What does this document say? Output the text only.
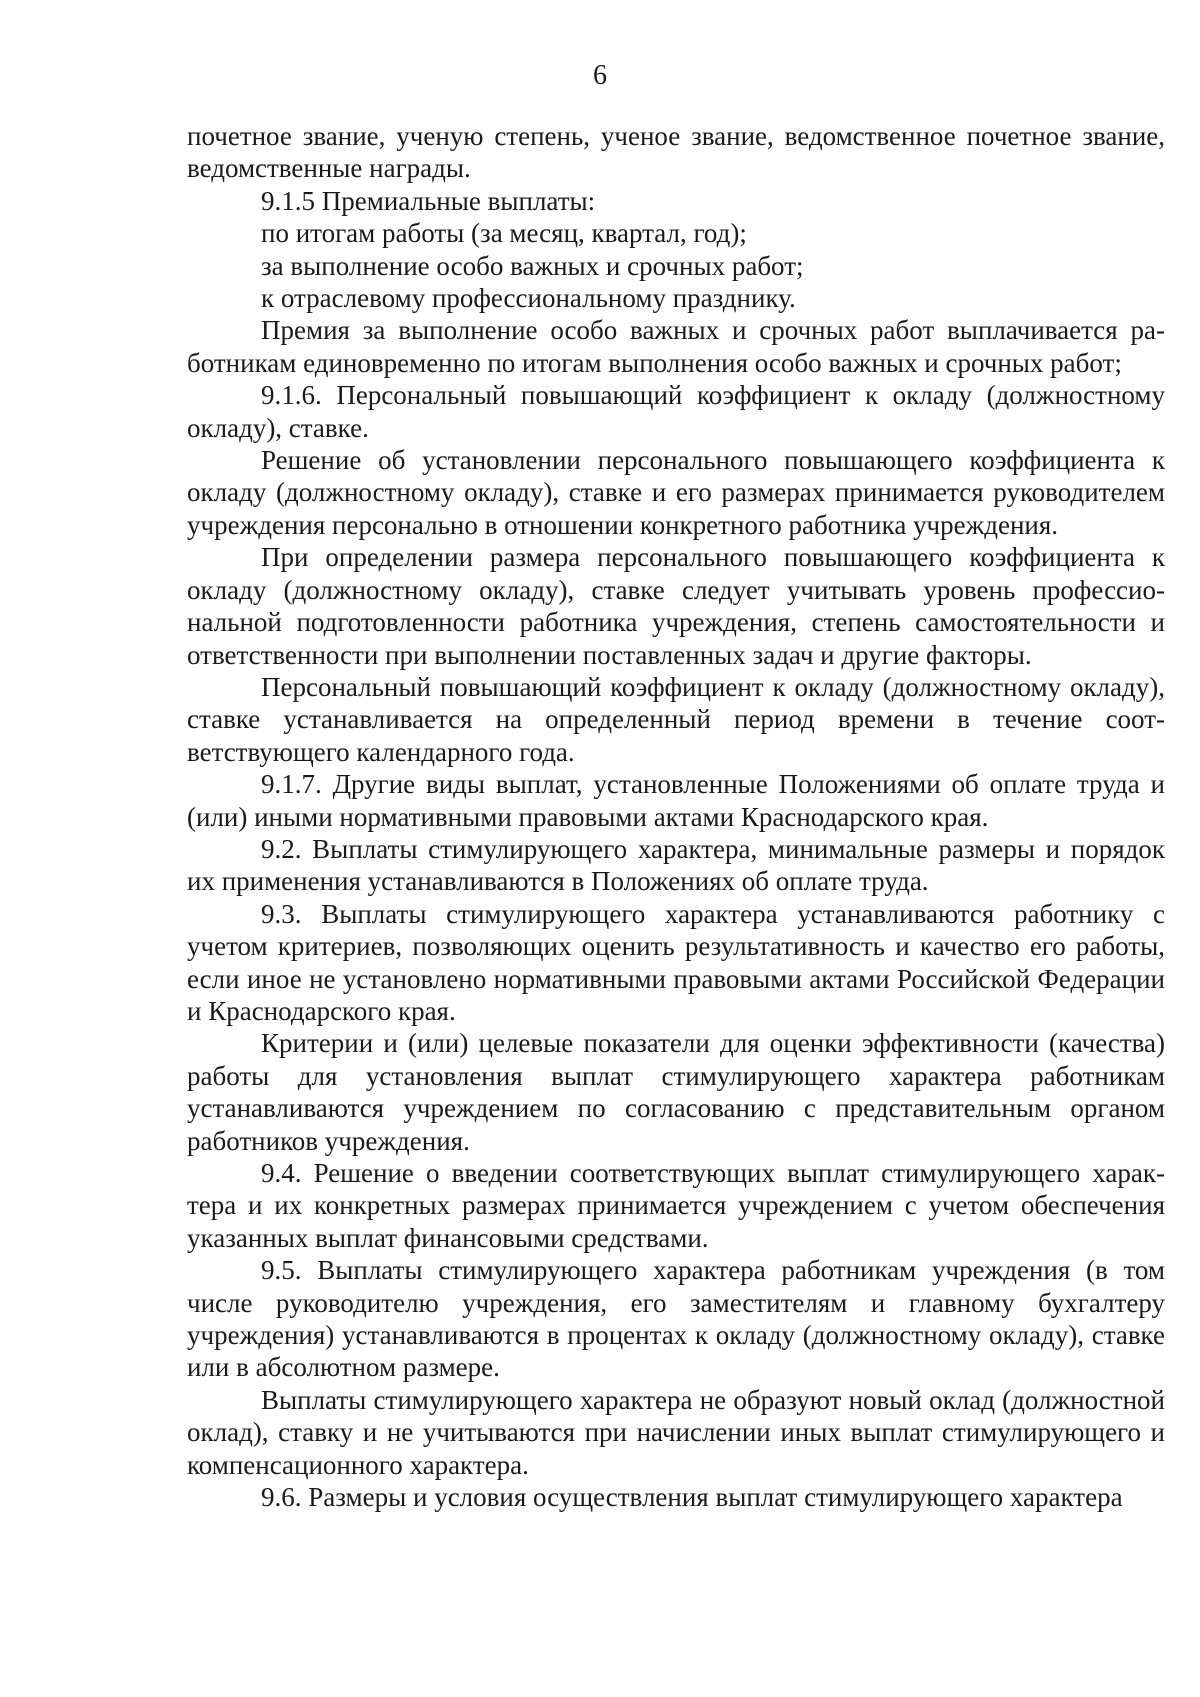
6

почетное звание, ученую степень, ученое звание, ведомственное почетное звание, ведомственные награды.

9.1.5 Премиальные выплаты:

по итогам работы (за месяц, квартал, год);

за выполнение особо важных и срочных работ;

к отраслевому профессиональному празднику.

Премия за выполнение особо важных и срочных работ выплачивается работникам единовременно по итогам выполнения особо важных и срочных работ;

9.1.6. Персональный повышающий коэффициент к окладу (должностному окладу), ставке.

Решение об установлении персонального повышающего коэффициента к окладу (должностному окладу), ставке и его размерах принимается руководителем учреждения персонально в отношении конкретного работника учреждения.

При определении размера персонального повышающего коэффициента к окладу (должностному окладу), ставке следует учитывать уровень профессиональной подготовленности работника учреждения, степень самостоятельности и ответственности при выполнении поставленных задач и другие факторы.

Персональный повышающий коэффициент к окладу (должностному окладу), ставке устанавливается на определенный период времени в течение соответствующего календарного года.

9.1.7. Другие виды выплат, установленные Положениями об оплате труда и (или) иными нормативными правовыми актами Краснодарского края.

9.2. Выплаты стимулирующего характера, минимальные размеры и порядок их применения устанавливаются в Положениях об оплате труда.

9.3. Выплаты стимулирующего характера устанавливаются работнику с учетом критериев, позволяющих оценить результативность и качество его работы, если иное не установлено нормативными правовыми актами Российской Федерации и Краснодарского края.

Критерии и (или) целевые показатели для оценки эффективности (качества) работы для установления выплат стимулирующего характера работникам устанавливаются учреждением по согласованию с представительным органом работников учреждения.

9.4. Решение о введении соответствующих выплат стимулирующего характера и их конкретных размерах принимается учреждением с учетом обеспечения указанных выплат финансовыми средствами.

9.5. Выплаты стимулирующего характера работникам учреждения (в том числе руководителю учреждения, его заместителям и главному бухгалтеру учреждения) устанавливаются в процентах к окладу (должностному окладу), ставке или в абсолютном размере.

Выплаты стимулирующего характера не образуют новый оклад (должностной оклад), ставку и не учитываются при начислении иных выплат стимулирующего и компенсационного характера.

9.6. Размеры и условия осуществления выплат стимулирующего характера
